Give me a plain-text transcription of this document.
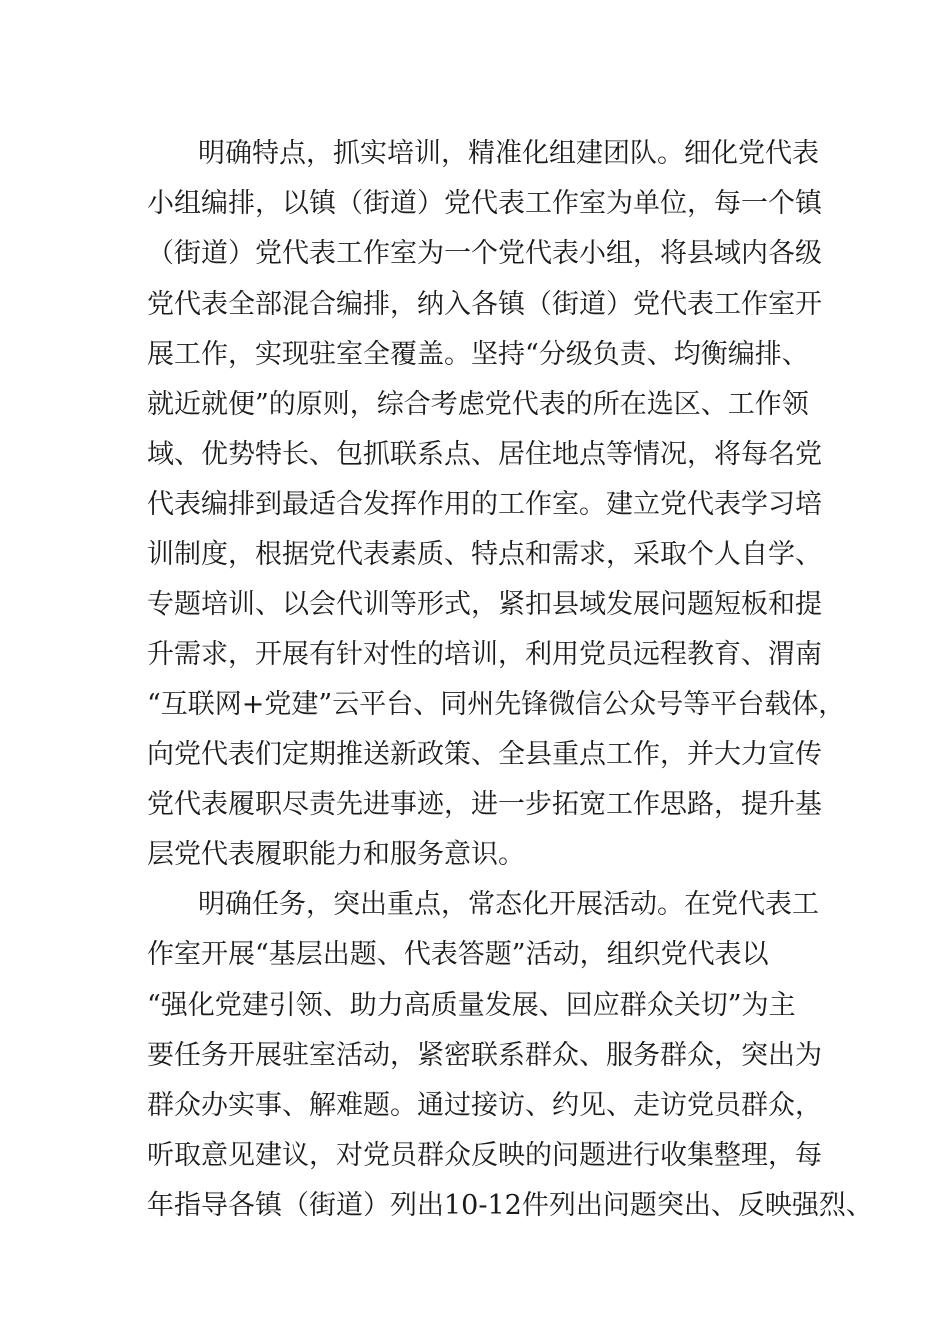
明确特点，抓实培训，精准化组建团队。细化党代表

小组编排，以镇（街道）党代表工作室为单位，每一个镇

（街道）党代表工作室为一个党代表小组，将县域内各级

党代表全部混合编排，纳入各镇（街道）党代表工作室开

展工作，实现驻室全覆盖。坚持“分级负责、均衡编排、

就近就便”的原则，综合考虑党代表的所在选区、工作领

域、优势特长、包抓联系点、居住地点等情况，将每名党

代表编排到最适合发挥作用的工作室。建立党代表学习培

训制度，根据党代表素质、特点和需求，采取个人自学、

专题培训、以会代训等形式，紧扣县域发展问题短板和提

升需求，开展有针对性的培训，利用党员远程教育、渭南

“互联网+党建”云平台、同州先锋微信公众号等平台载体，

向党代表们定期推送新政策、全县重点工作，并大力宣传

党代表履职尽责先进事迹，进一步拓宽工作思路，提升基

层党代表履职能力和服务意识。

明确任务，突出重点，常态化开展活动。在党代表工

作室开展“基层出题、代表答题”活动，组织党代表以

“强化党建引领、助力高质量发展、回应群众关切”为主

要任务开展驻室活动，紧密联系群众、服务群众，突出为

群众办实事、解难题。通过接访、约见、走访党员群众，

听取意见建议，对党员群众反映的问题进行收集整理，每

年指导各镇（街道）列出10-12件列出问题突出、反映强烈、
